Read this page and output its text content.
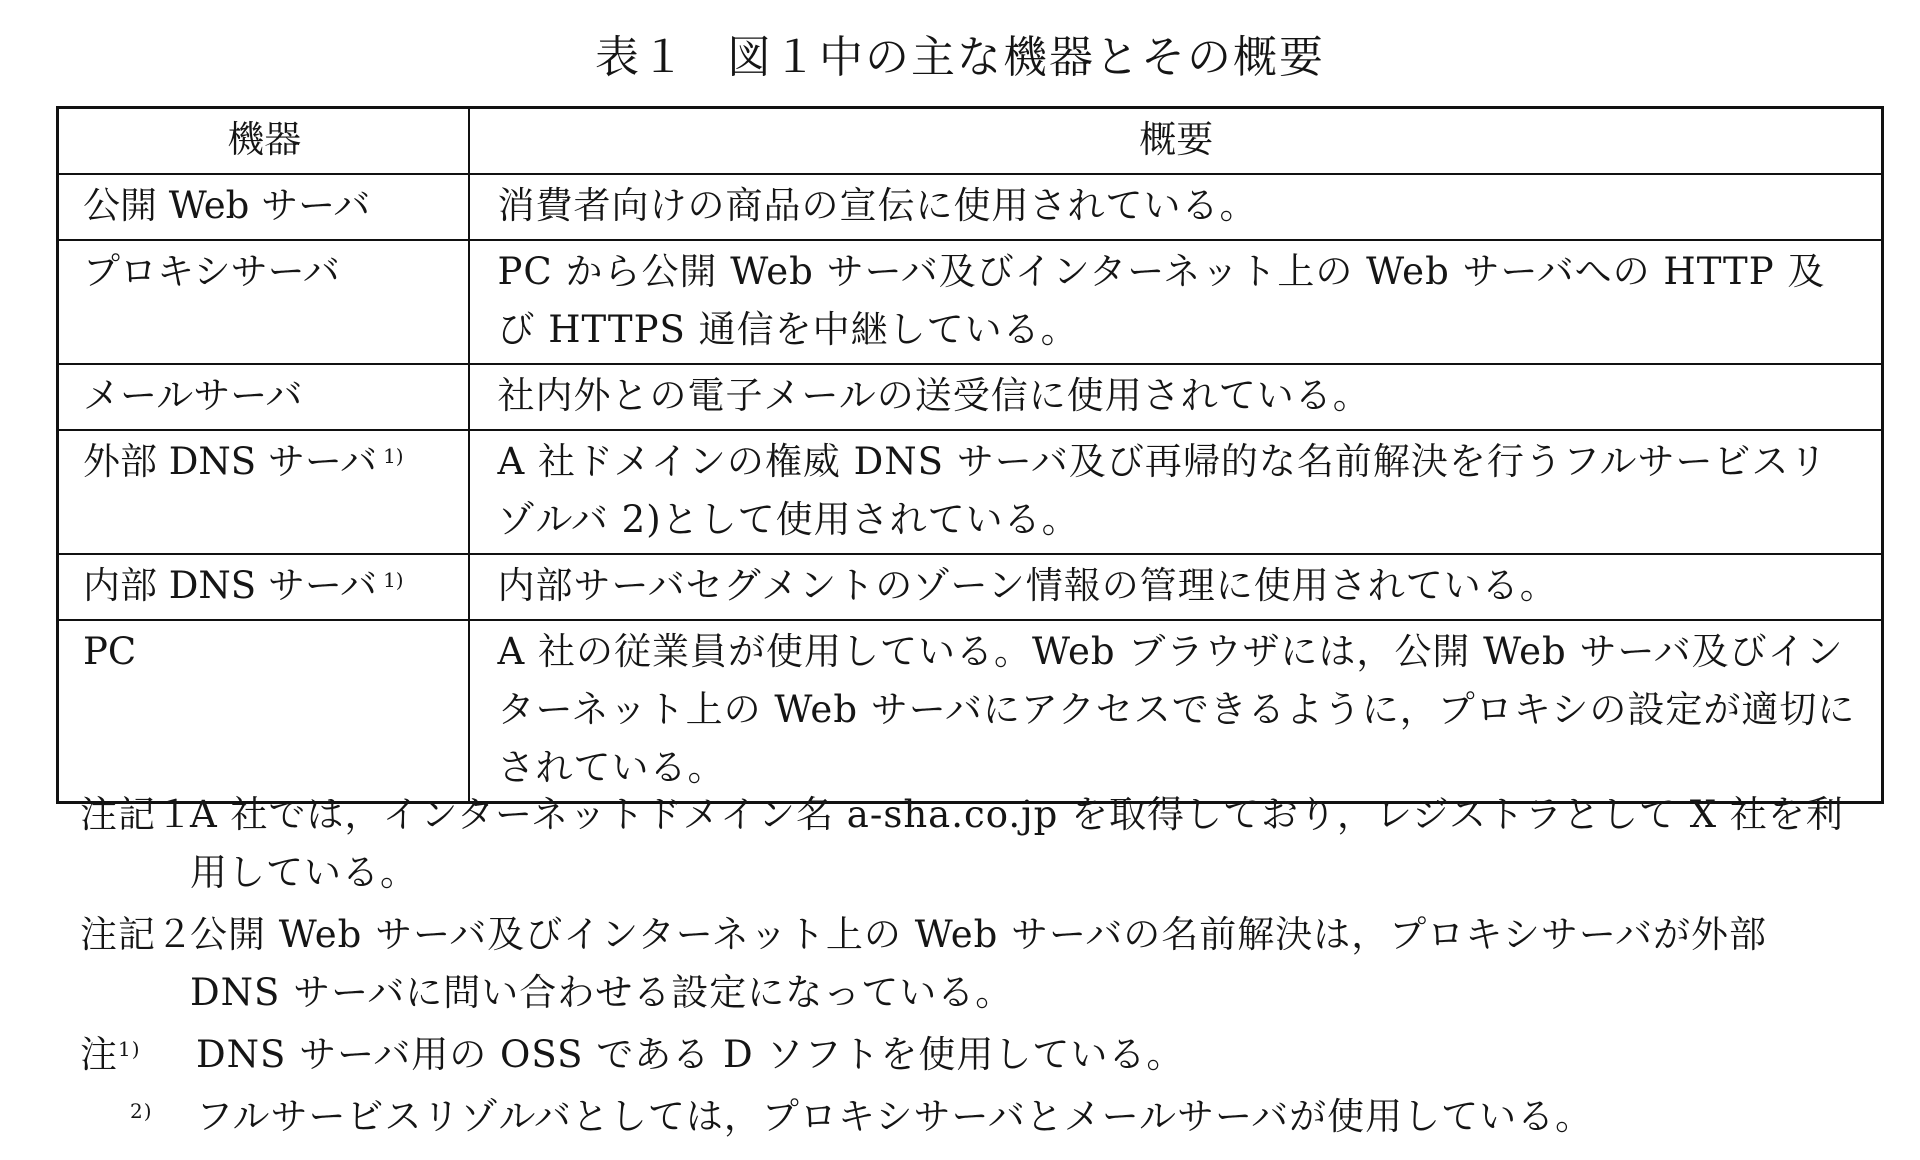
表１ 図１中の主な機器とその概要
機器	概要
公開 Web サーバ	消費者向けの商品の宣伝に使用されている。
プロキシサーバ	PC から公開 Web サーバ及びインターネット上の Web サーバへの HTTP 及び HTTPS 通信を中継している。
メールサーバ	社内外との電子メールの送受信に使用されている。
外部 DNS サーバ $^{1)}$	A 社ドメインの権威 DNS サーバ及び再帰的な名前解決を行うフルサービスリゾルバ 2)として使用されている。
内部 DNS サーバ $^{1)}$	内部サーバセグメントのゾーン情報の管理に使用されている。
PC	A 社の従業員が使用している。Web ブラウザには，公開 Web サーバ及びインターネット上の Web サーバにアクセスできるように，プロキシの設定が適切にされている。
注記１
A 社では，インターネットドメイン名 a-sha.co.jp を取得しており，レジストラとして X 社を利用している。
注記２
公開 Web サーバ及びインターネット上の Web サーバの名前解決は，プロキシサーバが外部 DNS サーバに問い合わせる設定になっている。
注$^{1)}$	DNS サーバ用の OSS である D ソフトを使用している。
$^{2)}$	フルサービスリゾルバとしては，プロキシサーバとメールサーバが使用している。
